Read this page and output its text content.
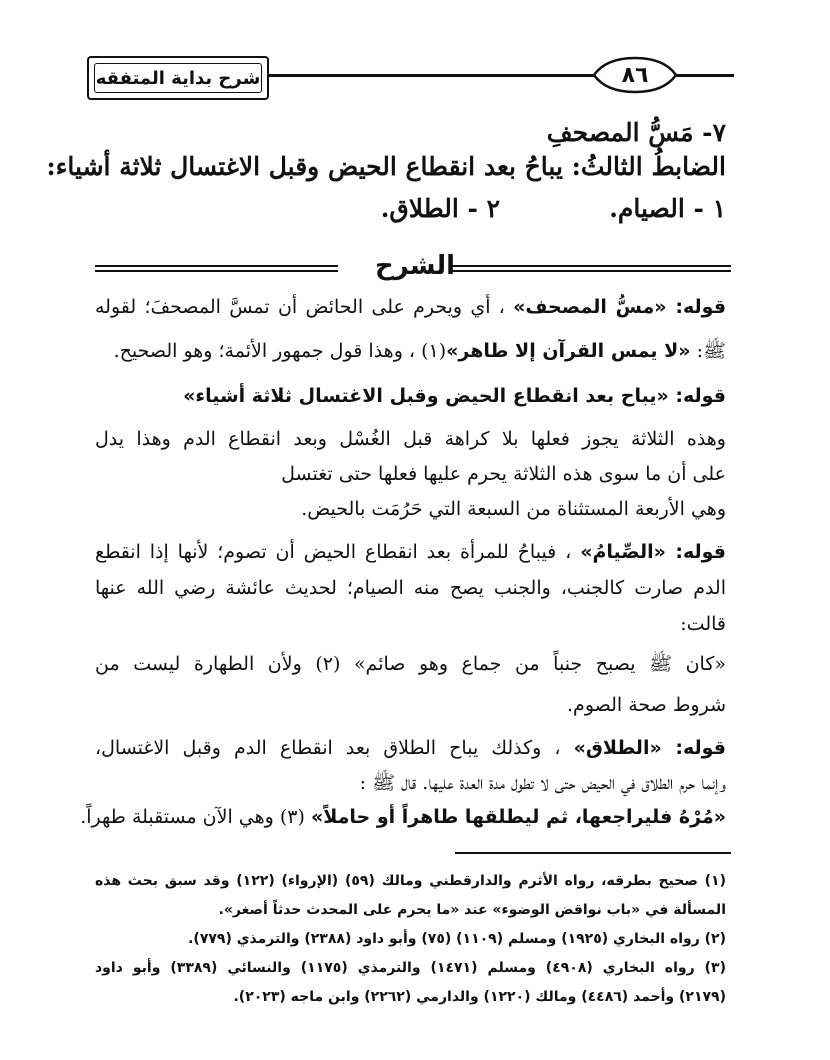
شرح بداية المتفقه	٨٦
٧- مَسُّ المصحفِ
الضابطُ الثالثُ: يباحُ بعد انقطاع الحيض وقبل الاغتسال ثلاثة أشياء:
١ - الصيام.
٢ - الطلاق.
الشرح
قوله: «مسُّ المصحف» ، أي ويحرم على الحائض أن تمسَّ المصحفَ؛ لقوله
ﷺ: «لا يمس القرآن إلا طاهر»(١) ، وهذا قول جمهور الأئمة؛ وهو الصحيح.
قوله: «يباح بعد انقطاع الحيض وقبل الاغتسال ثلاثة أشياء»
وهذه الثلاثة يجوز فعلها بلا كراهة قبل الغُسْل وبعد انقطاع الدم وهذا يدل
على أن ما سوى هذه الثلاثة يحرم عليها فعلها حتى تغتسل
وهي الأربعة المستثناة من السبعة التي حَرُمَت بالحيض.
قوله: «الصِّيامُ» ، فيباحُ للمرأة بعد انقطاع الحيض أن تصوم؛ لأنها إذا انقطع
الدم صارت كالجنب، والجنب يصح منه الصيام؛ لحديث عائشة رضي الله عنها
قالت:
«كان ﷺ يصبح جنباً من جماع وهو صائم» (٢) ولأن الطهارة ليست من
شروط صحة الصوم.
قوله: «الطلاق» ، وكذلك يباح الطلاق بعد انقطاع الدم وقبل الاغتسال،
وإنما حرم الطلاق في الحيض حتى لا تطول مدة العدة عليها. قال ﷺ :
«مُرْهُ فليراجعها، ثم ليطلقها طاهراً أو حاملاً» (٣) وهي الآن مستقبلة طهراً.
(١) صحيح بطرقه، رواه الأثرم والدارقطني ومالك (٥٩) (الإرواء) (١٢٢) وقد سبق بحث هذه
المسألة في «باب نواقض الوضوء» عند «ما يحرم على المحدث حدثاً أصغر».
(٢) رواه البخاري (١٩٢٥) ومسلم (١١٠٩) (٧٥) وأبو داود (٢٣٨٨) والترمذي (٧٧٩).
(٣) رواه البخاري (٤٩٠٨) ومسلم (١٤٧١) والترمذي (١١٧٥) والنسائي (٣٣٨٩) وأبو داود
(٢١٧٩) وأحمد (٤٤٨٦) ومالك (١٢٢٠) والدارمي (٢٢٦٢) وابن ماجه (٢٠٢٣).
